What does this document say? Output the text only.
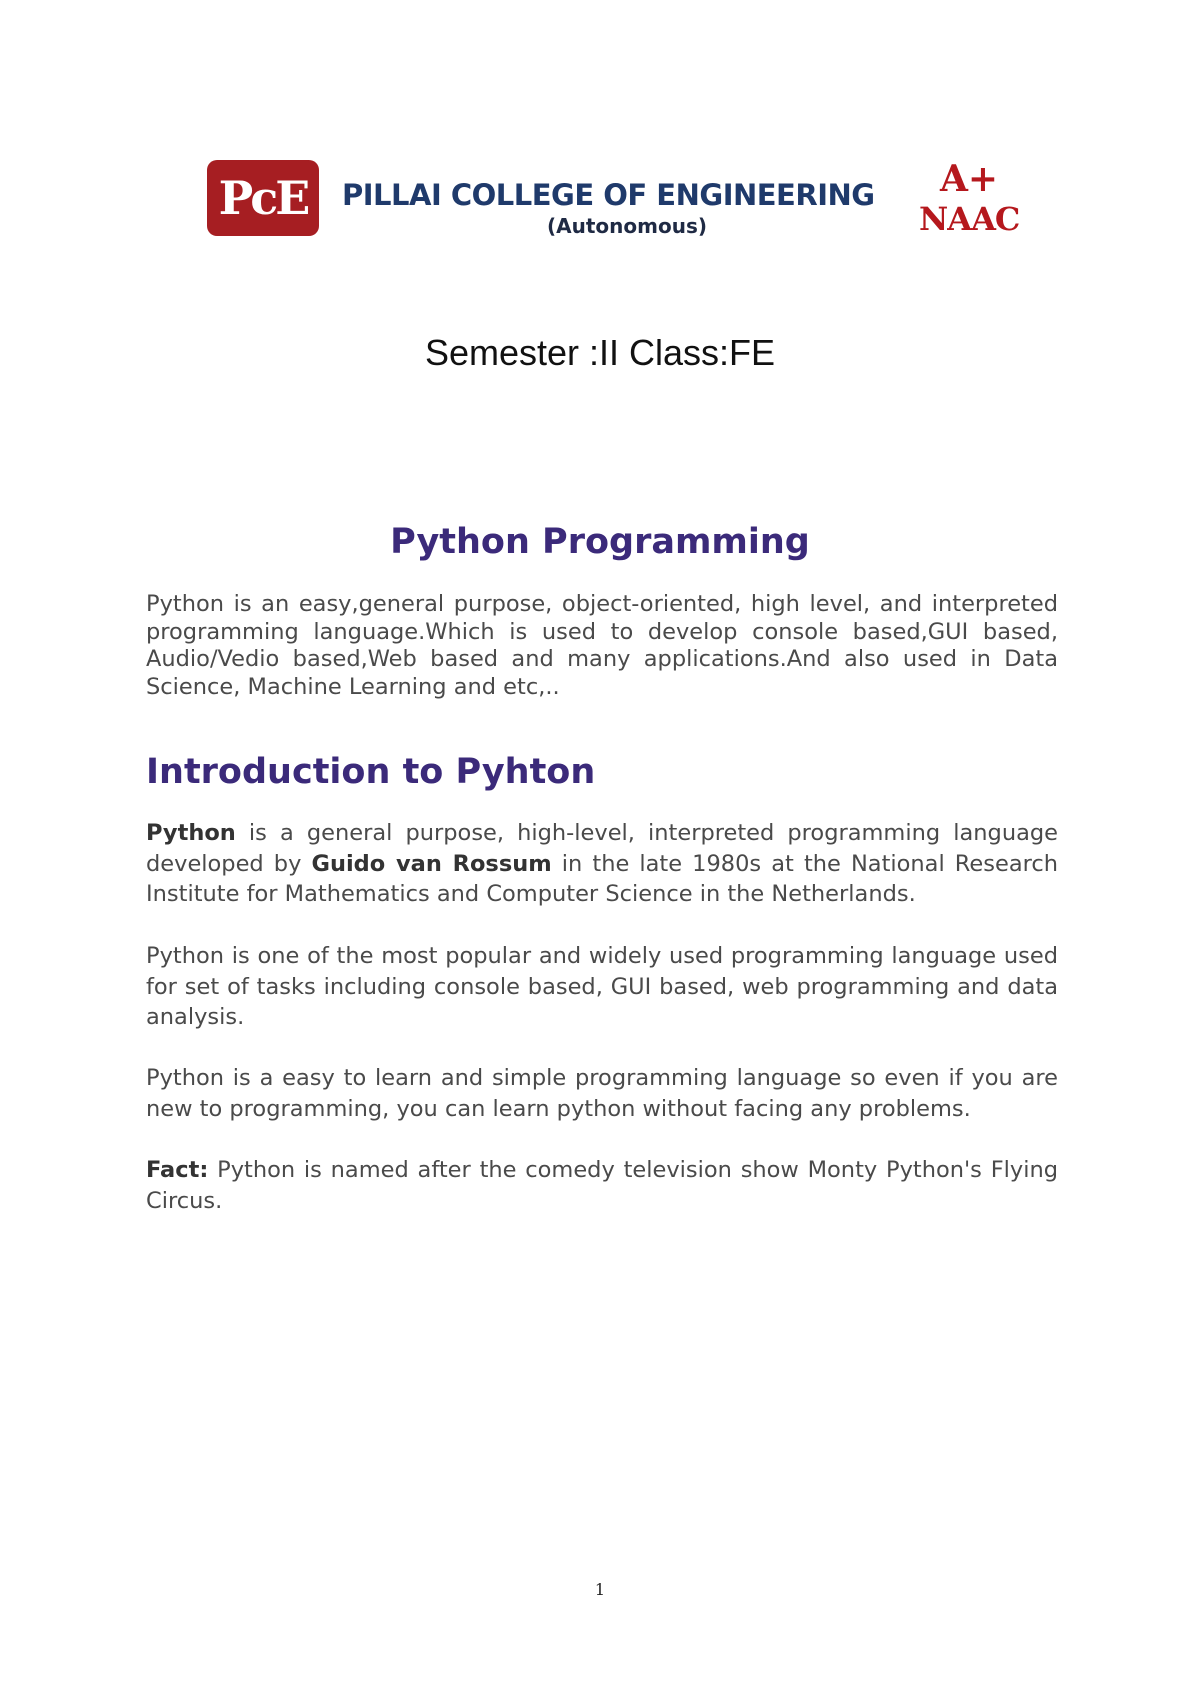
PcE PILLAI COLLEGE OF ENGINEERING
(Autonomous)
A+
NAAC
Semester :II Class:FE
Python Programming

Python is an easy,general purpose, object-oriented, high level, and interpreted programming language.Which is used to develop console based,GUI based, Audio/Vedio based,Web based and many applications.And also used in Data Science, Machine Learning and etc,..

Introduction to Pyhton

Python is a general purpose, high-level, interpreted programming language developed by Guido van Rossum in the late 1980s at the National Research Institute for Mathematics and Computer Science in the Netherlands.

Python is one of the most popular and widely used programming language used for set of tasks including console based, GUI based, web programming and data analysis.

Python is a easy to learn and simple programming language so even if you are new to programming, you can learn python without facing any problems.

Fact: Python is named after the comedy television show Monty Python's Flying Circus.

1
